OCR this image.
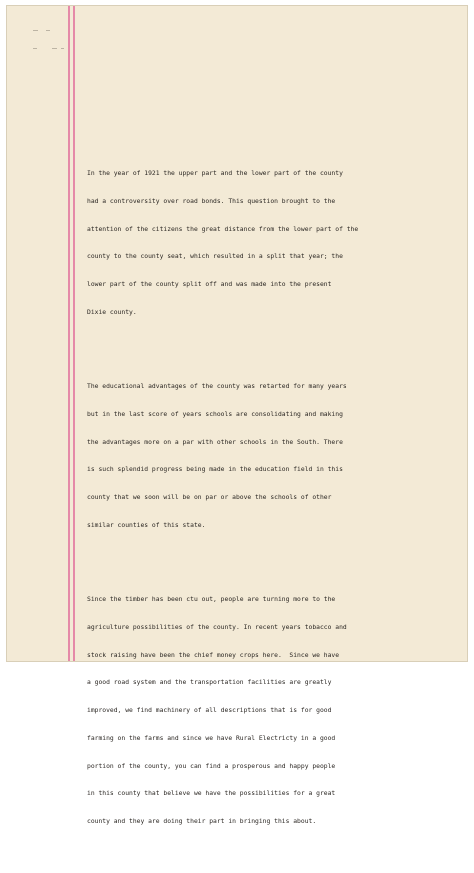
In the year of 1921 the upper part and the lower part of the county

had a controversity over road bonds. This question brought to the

attention of the citizens the great distance from the lower part of the

county to the county seat, which resulted in a split that year; the

lower part of the county split off and was made into the present

Dixie county.

The educational advantages of the county was retarted for many years

but in the last score of years schools are consolidating and making

the advantages more on a par with other schools in the South. There

is such splendid progress being made in the education field in this

county that we soon will be on par or above the schools of other

similar counties of this state.

Since the timber has been ctu out, people are turning more to the

agriculture possibilities of the county. In recent years tobacco and

stock raising have been the chief money crops here.  Since we have

a good road system and the transportation facilities are greatly

improved, we find machinery of all descriptions that is for good

farming on the farms and since we have Rural Electricty in a good

portion of the county, you can find a prosperous and happy people

in this county that believe we have the possibilities for a great

county and they are doing their part in bringing this about.
